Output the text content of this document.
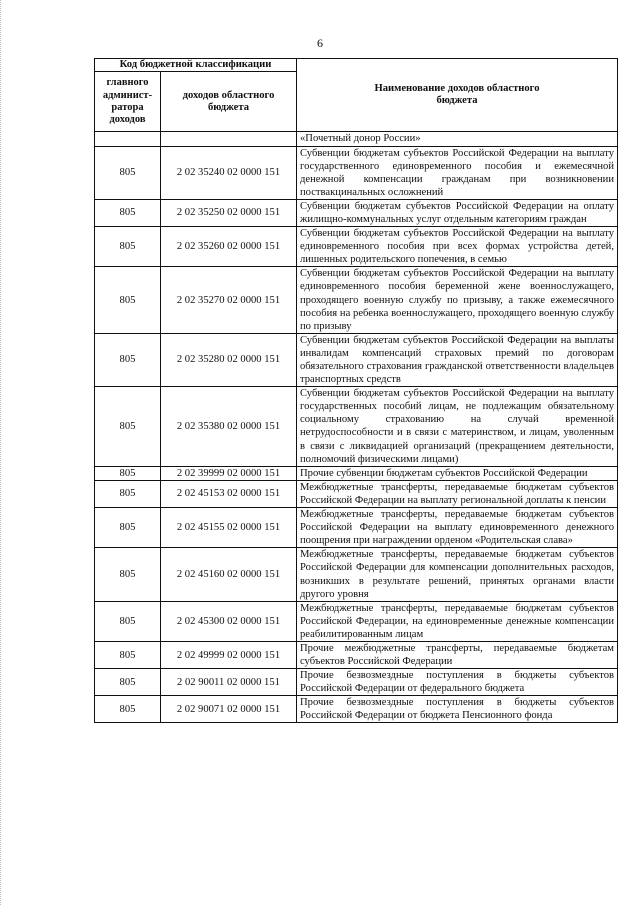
6
Код бюджетной классификации		Наименование доходов областного бюджета
главного админист-ратора доходов	доходов областного бюджета	
		«Почетный донор России»
805	2 02 35240 02 0000 151	Субвенции бюджетам субъектов Российской Федерации на выплату государственного единовременного пособия и ежемесячной денежной компенсации гражданам при возникновении поствакцинальных осложнений
805	2 02 35250 02 0000 151	Субвенции бюджетам субъектов Российской Федерации на оплату жилищно-коммунальных услуг отдельным категориям граждан
805	2 02 35260 02 0000 151	Субвенции бюджетам субъектов Российской Федерации на выплату единовременного пособия при всех формах устройства детей, лишенных родительского попечения, в семью
805	2 02 35270 02 0000 151	Субвенции бюджетам субъектов Российской Федерации на выплату единовременного пособия беременной жене военнослужащего, проходящего военную службу по призыву, а также ежемесячного пособия на ребенка военнослужащего, проходящего военную службу по призыву
805	2 02 35280 02 0000 151	Субвенции бюджетам субъектов Российской Федерации на выплаты инвалидам компенсаций страховых премий по договорам обязательного страхования гражданской ответственности владельцев транспортных средств
805	2 02 35380 02 0000 151	Субвенции бюджетам субъектов Российской Федерации на выплату государственных пособий лицам, не подлежащим обязательному социальному страхованию на случай временной нетрудоспособности и в связи с материнством, и лицам, уволенным в связи с ликвидацией организаций (прекращением деятельности, полномочий физическими лицами)
805	2 02 39999 02 0000 151	Прочие субвенции бюджетам субъектов Российской Федерации
805	2 02 45153 02 0000 151	Межбюджетные трансферты, передаваемые бюджетам субъектов Российской Федерации на выплату региональной доплаты к пенсии
805	2 02 45155 02 0000 151	Межбюджетные трансферты, передаваемые бюджетам субъектов Российской Федерации на выплату единовременного денежного поощрения при награждении орденом «Родительская слава»
805	2 02 45160 02 0000 151	Межбюджетные трансферты, передаваемые бюджетам субъектов Российской Федерации для компенсации дополнительных расходов, возникших в результате решений, принятых органами власти другого уровня
805	2 02 45300 02 0000 151	Межбюджетные трансферты, передаваемые бюджетам субъектов Российской Федерации, на единовременные денежные компенсации реабилитированным лицам
805	2 02 49999 02 0000 151	Прочие межбюджетные трансферты, передаваемые бюджетам субъектов Российской Федерации
805	2 02 90011 02 0000 151	Прочие безвозмездные поступления в бюджеты субъектов Российской Федерации от федерального бюджета
805	2 02 90071 02 0000 151	Прочие безвозмездные поступления в бюджеты субъектов Российской Федерации от бюджета Пенсионного фонда
